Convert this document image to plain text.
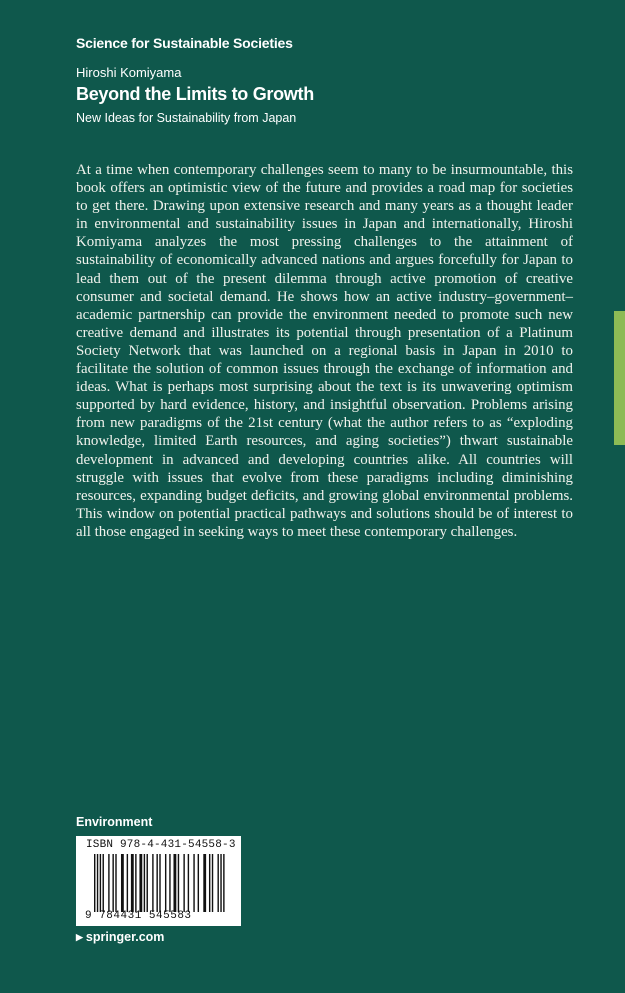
Science for Sustainable Societies
Hiroshi Komiyama
Beyond the Limits to Growth
New Ideas for Sustainability from Japan
At a time when contemporary challenges seem to many to be insurmountable, this book offers an optimistic view of the future and provides a road map for societies to get there. Drawing upon extensive research and many years as a thought leader in environmental and sustainability issues in Japan and internationally, Hiroshi Komiyama analyzes the most pressing challenges to the attainment of sustainability of economically advanced nations and argues forcefully for Japan to lead them out of the present dilemma through active promotion of creative consumer and societal demand. He shows how an active industry–government–academic partnership can provide the environment needed to promote such new creative demand and illustrates its potential through presentation of a Platinum Society Network that was launched on a regional basis in Japan in 2010 to facilitate the solution of common issues through the exchange of information and ideas. What is perhaps most surprising about the text is its unwavering optimism supported by hard evidence, history, and insightful observation. Problems arising from new paradigms of the 21st century (what the author refers to as “exploding knowledge, limited Earth resources, and aging societies”) thwart sustainable development in advanced and developing countries alike. All countries will struggle with issues that evolve from these paradigms including diminishing resources, expanding budget deficits, and growing global environmental problems. This window on potential practical pathways and solutions should be of interest to all those engaged in seeking ways to meet these contemporary challenges.
Environment
ISBN 978-4-431-54558-3
9 784431 545583
▶ springer.com
